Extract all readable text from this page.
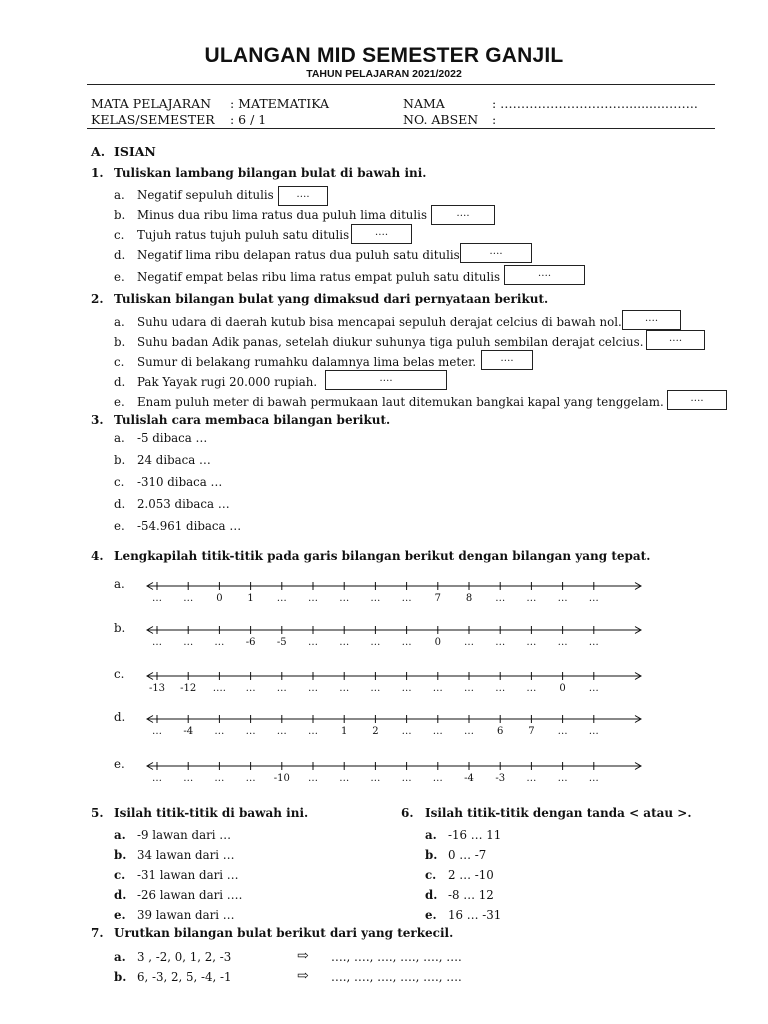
ULANGAN MID SEMESTER GANJIL
TAHUN PELAJARAN 2021/2022
MATA PELAJARAN : MATEMATIKA	NAMA	: …………………………..........……..
KELAS/SEMESTER : 6 / 1	NO. ABSEN :
A. ISIAN
1. Tuliskan lambang bilangan bulat di bawah ini.
a. Negatif sepuluh ditulis	….
b. Minus dua ribu lima ratus dua puluh lima ditulis	….
c. Tujuh ratus tujuh puluh satu ditulis	….
d. Negatif lima ribu delapan ratus dua puluh satu ditulis	….
e. Negatif empat belas ribu lima ratus empat puluh satu ditulis	….
2. Tuliskan bilangan bulat yang dimaksud dari pernyataan berikut.
a. Suhu udara di daerah kutub bisa mencapai sepuluh derajat celcius di bawah nol.	….
b. Suhu badan Adik panas, setelah diukur suhunya tiga puluh sembilan derajat celcius.	….
c. Sumur di belakang rumahku dalamnya lima belas meter.	….
d. Pak Yayak rugi 20.000 rupiah.	….
e. Enam puluh meter di bawah permukaan laut ditemukan bangkai kapal yang tenggelam.	….
3. Tulislah cara membaca bilangan berikut.
a. -5 dibaca …
b. 24 dibaca …
c. -310 dibaca …
d. 2.053 dibaca …
e. -54.961 dibaca …
4. Lengkapilah titik-titik pada garis bilangan berikut dengan bilangan yang tepat.
a.
…	…	0	1	…	…	…	…	…	7	8	…	…	…	…
b.
…	…	…	-6	-5	…	…	…	…	0	…	…	…	…	…
c.
-13	-12	….	…	…	…	…	…	…	…	…	…	…	0	…
d.
…	-4	…	…	…	…	1	2	…	…	…	6	7	…	…
e.
…	…	…	…	-10	…	…	…	…	…	-4	-3	…	…	…
5. Isilah titik-titik di bawah ini.
a. -9 lawan dari …
b. 34 lawan dari …
c. -31 lawan dari …
d. -26 lawan dari ….
e. 39 lawan dari …
6. Isilah titik-titik dengan tanda < atau >.
a. -16 … 11
b. 0 … -7
c. 2 … -10
d. -8 … 12
e. 16 … -31
7. Urutkan bilangan bulat berikut dari yang terkecil.
a. 3 , -2, 0, 1, 2, -3	⇨ …., …., …., …., …., ….
b. 6, -3, 2, 5, -4, -1	⇨ …., …., …., …., …., ….
